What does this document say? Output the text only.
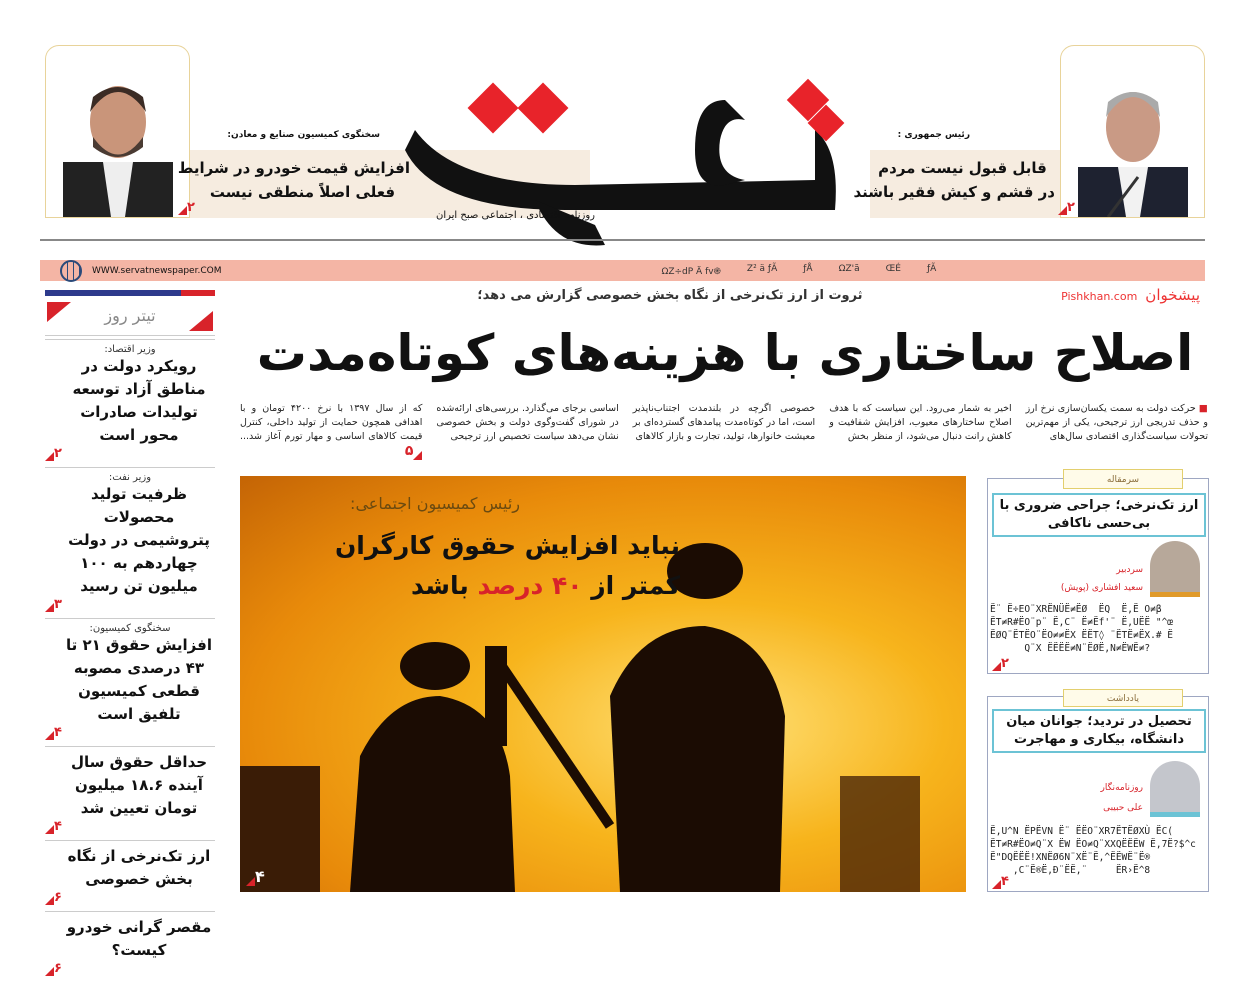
سخنگوی کمیسیون صنایع و معادن:
افزایش قیمت خودرو در شرایط
فعلی اصلاً منطقی نیست
۲
روزنامه اقتصادی ، اجتماعی صبح ایران
رئیس جمهوری :
قابل قبول نیست مردم
در قشم و کیش فقیر باشند
۲
WWW.servatnewspaper.COM	ΩZ÷dP Ä fv֎	Z² ä ƒÃ	ƒÅ	ΩZ'ã	ŒÉ	ƒÃ
تیتر روز
وزیر اقتصاد:
رویکرد دولت در مناطق آزاد توسعه تولیدات صادرات محور است
۲
وزیر نفت:
ظرفیت تولید محصولات پتروشیمی در دولت چهاردهم به ۱۰۰ میلیون تن رسید
۳
سخنگوی کمیسیون:
افزایش حقوق ۲۱ تا ۴۳ درصدی مصوبه قطعی کمیسیون تلفیق است
۴
حداقل حقوق سال آینده ۱۸.۶ میلیون تومان تعیین شد
۴
ارز تک‌نرخی از نگاه بخش خصوصی
۶
مقصر گرانی خودرو کیست؟
۶
ثروت از ارز تک‌نرخی از نگاه بخش خصوصی گزارش می دهد؛	Pishkhan.com پیشخوان
اصلاح ساختاری با هزینه‌های کوتاه‌مدت
■ حرکت دولت به سمت یکسان‌سازی نرخ ارز و حذف تدریجی ارز ترجیحی، یکی از مهم‌ترین تحولات سیاست‌گذاری اقتصادی سال‌های
اخیر به شمار می‌رود. این سیاست که با هدف اصلاح ساختارهای معیوب، افزایش شفافیت و کاهش رانت دنبال می‌شود، از منظر بخش
خصوصی اگرچه در بلندمدت اجتناب‌ناپذیر است، اما در کوتاه‌مدت پیامدهای گسترده‌ای بر معیشت خانوارها، تولید، تجارت و بازار کالاهای
اساسی برجای می‌گذارد. بررسی‌های ارائه‌شده در شورای گفت‌وگوی دولت و بخش خصوصی نشان می‌دهد سیاست تخصیص ارز ترجیحی
که از سال ۱۳۹۷ با نرخ ۴۲۰۰ تومان و با اهدافی همچون حمایت از تولید داخلی، کنترل قیمت کالاهای اساسی و مهار تورم آغاز شد... ۵
رئیس کمیسیون اجتماعی:
نباید افزایش حقوق کارگران
کمتر از ۴۰ درصد باشد
۴
ارز تک‌نرخی؛ جراحی ضروری با بی‌حسی ناکافی
سرمقاله
سردبیر
سعید افشاری (پویش)
Ë¨ Ë÷EO¨XRËNÜË≠ËØ  ËQ  Ë,Ë O≠β
ËT≠R#ËO¨p¨ Ë,C¨ Ë≠Ëf'¨ Ë,UËË "^œ
ËØQ¨ËTËO¨ËO≠≠ËX ËËT◊ ¨ËTË≠ËX.# Ë
Q¨X ËËËË≠N¨ËØË,N≠ËWË≠?
۲
تحصیل در تردید؛ جوانان میان دانشگاه، بیکاری و مهاجرت
یادداشت
روزنامه‌نگار
علی حبیبی
Ë,U^N ËPËVN Ë¨ ËËO¨XR7ËTËØXÙ ËC(
ËT≠R#ËO≠Q¨X ËW ËO≠Q¨XXQËËËW Ë,7Ë?$^c
Ë"DQËËË!XNËØ6N¨XË¨Ë,^ËËWË¨Ë®
,C¨Ë®Ë,Ð¨ËË,¨     ËR›Ë^8
۴
